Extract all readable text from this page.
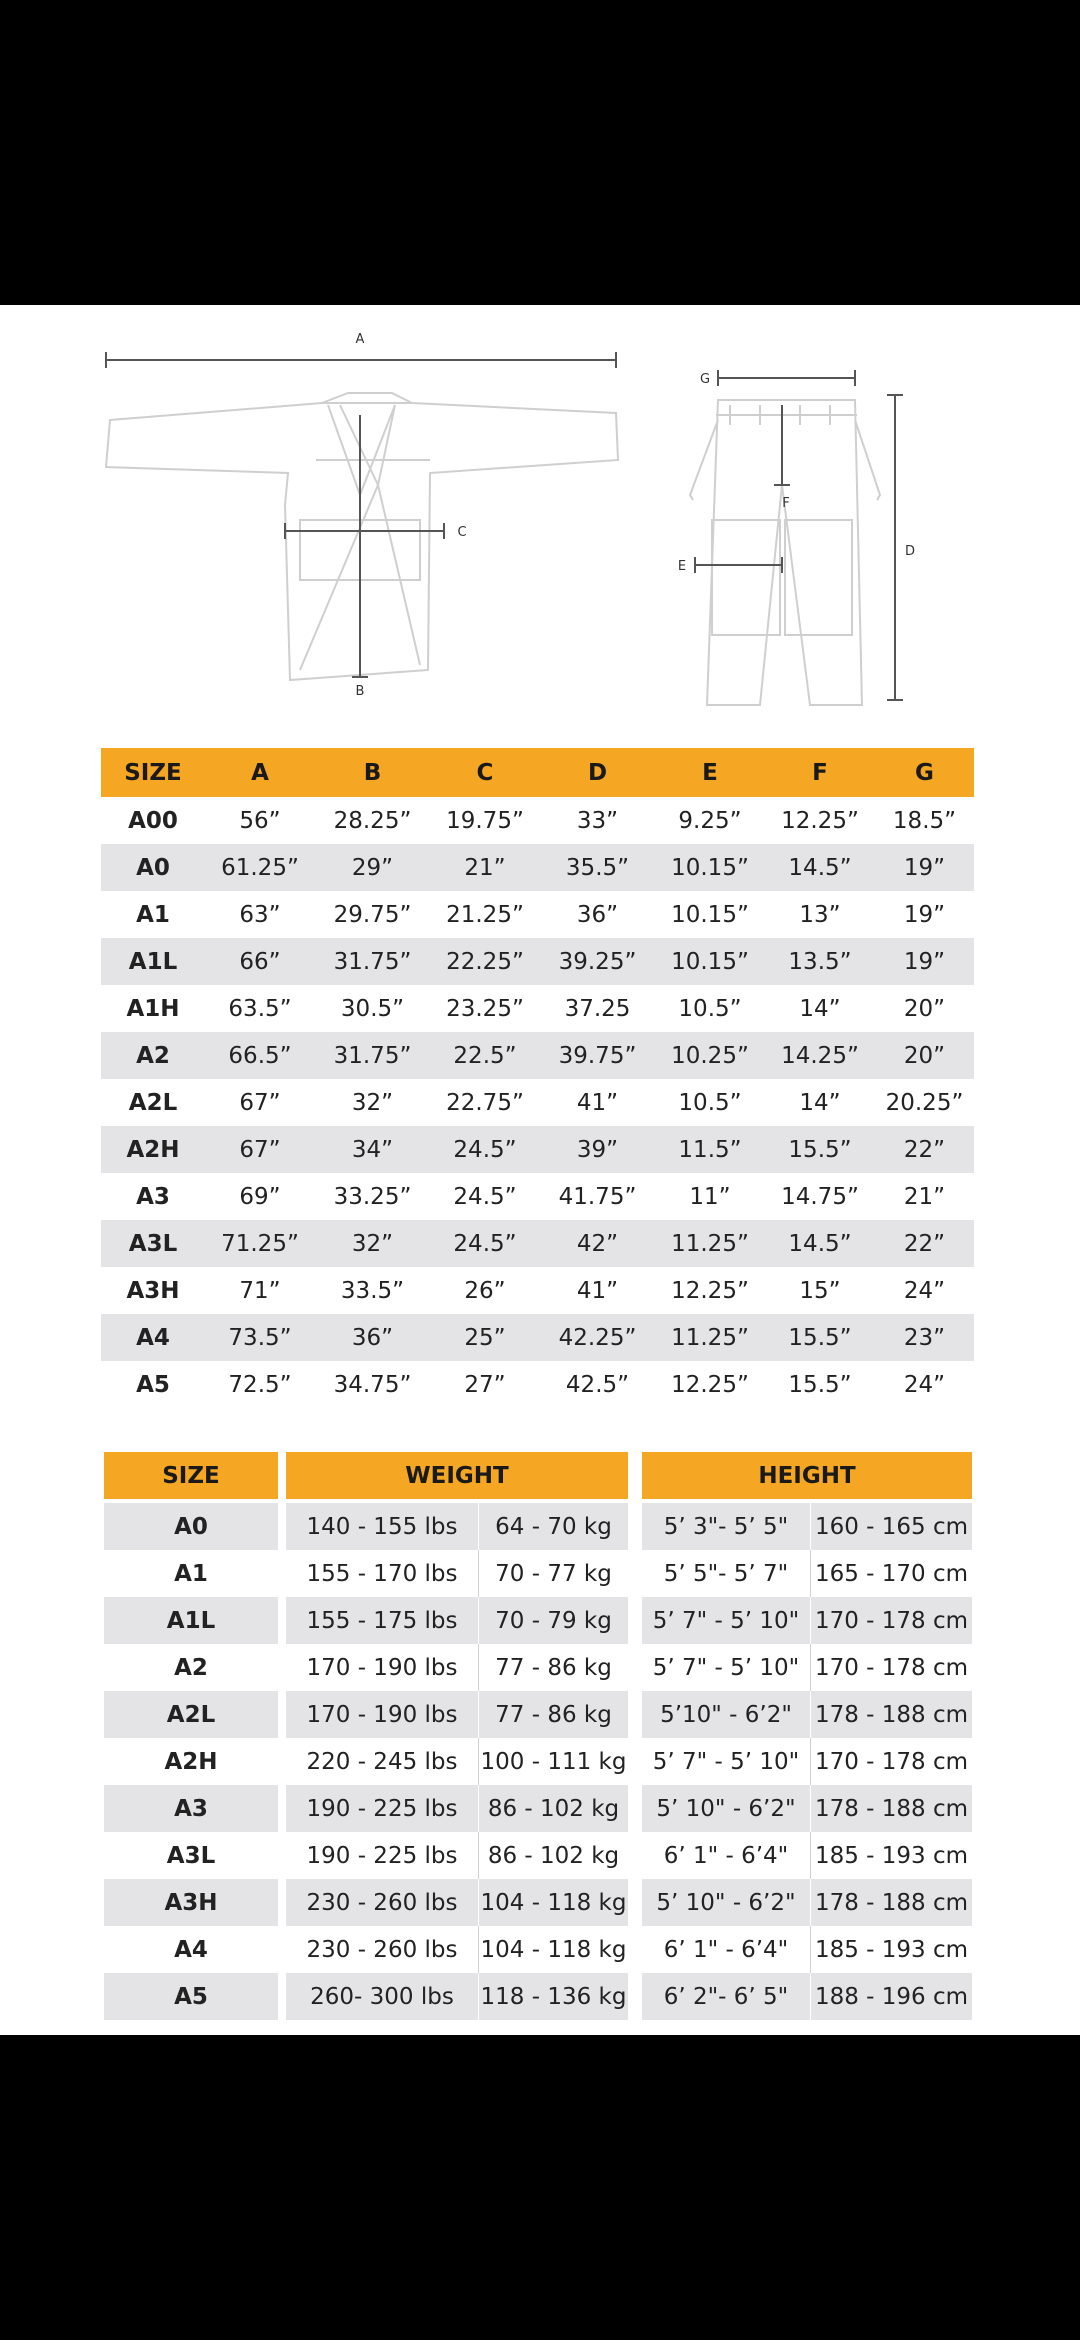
A
B
C
G
F
E
D
SIZE	A	B	C	D	E	F	G
A00	56”	28.25”	19.75”	33”	9.25”	12.25”	18.5”
A0	61.25”	29”	21”	35.5”	10.15”	14.5”	19”
A1	63”	29.75”	21.25”	36”	10.15”	13”	19”
A1L	66”	31.75”	22.25”	39.25”	10.15”	13.5”	19”
A1H	63.5”	30.5”	23.25”	37.25	10.5”	14”	20”
A2	66.5”	31.75”	22.5”	39.75”	10.25”	14.25”	20”
A2L	67”	32”	22.75”	41”	10.5”	14”	20.25”
A2H	67”	34”	24.5”	39”	11.5”	15.5”	22”
A3	69”	33.25”	24.5”	41.75”	11”	14.75”	21”
A3L	71.25”	32”	24.5”	42”	11.25”	14.5”	22”
A3H	71”	33.5”	26”	41”	12.25”	15”	24”
A4	73.5”	36”	25”	42.25”	11.25”	15.5”	23”
A5	72.5”	34.75”	27”	42.5”	12.25”	15.5”	24”
SIZE	WEIGHT	HEIGHT
A0	140 - 155 lbs	64 - 70 kg	5’ 3"- 5’ 5"	160 - 165 cm
A1	155 - 170 lbs	70 - 77 kg	5’ 5"- 5’ 7"	165 - 170 cm
A1L	155 - 175 lbs	70 - 79 kg	5’ 7" - 5’ 10" 170 - 178 cm
A2	170 - 190 lbs	77 - 86 kg	5’ 7" - 5’ 10" 170 - 178 cm
A2L	170 - 190 lbs	77 - 86 kg	5’10" - 6’2"	178 - 188 cm
A2H	220 - 245 lbs	100 - 111 kg	5’ 7" - 5’ 10" 170 - 178 cm
A3	190 - 225 lbs	86 - 102 kg	5’ 10" - 6’2" 178 - 188 cm
A3L	190 - 225 lbs	86 - 102 kg	6’ 1" - 6’4"	185 - 193 cm
A3H	230 - 260 lbs	104 - 118 kg	5’ 10" - 6’2" 178 - 188 cm
A4	230 - 260 lbs	104 - 118 kg	6’ 1" - 6’4"	185 - 193 cm
A5	260- 300 lbs	118 - 136 kg	6’ 2"- 6’ 5"	188 - 196 cm
